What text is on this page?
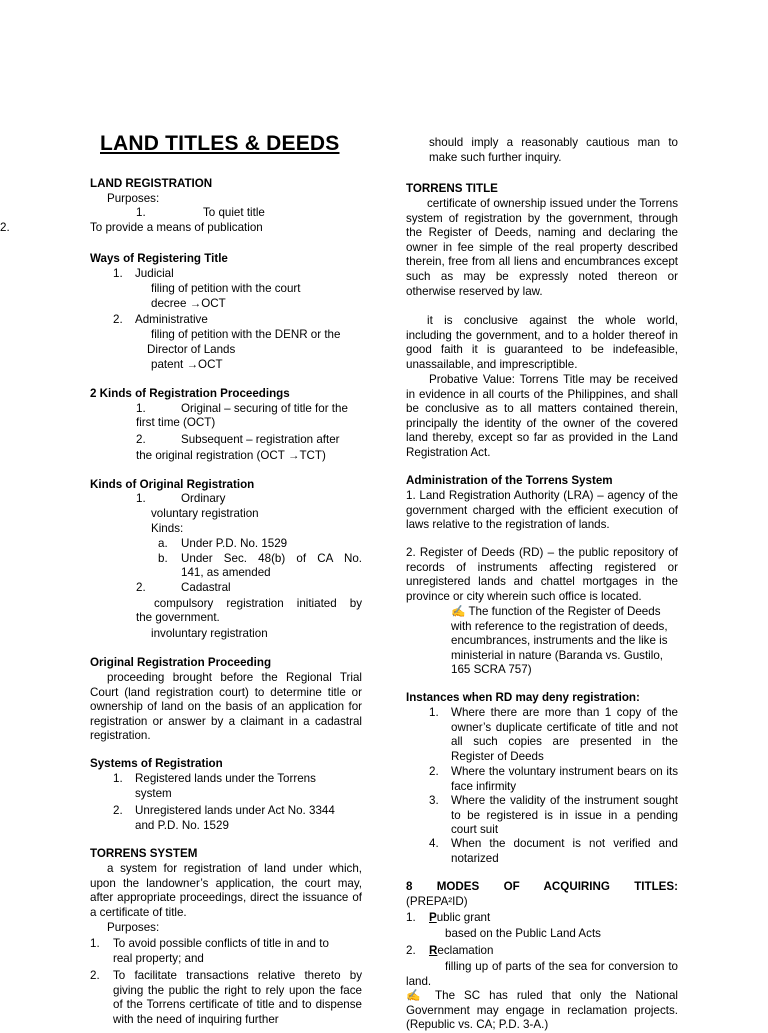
LAND TITLES & DEEDS
LAND REGISTRATION
Purposes:
1.	To quiet title
2.	To provide a means of publication
Ways of Registering Title
1. Judicial
filing of petition with the court
decree →OCT
2. Administrative
filing of petition with the DENR or the
Director of Lands
patent →OCT
2 Kinds of Registration Proceedings
1.	Original – securing of title for the
first time (OCT)
2.	Subsequent – registration after
the original registration (OCT →TCT)
Kinds of Original Registration
1.	Ordinary
voluntary registration
Kinds:
a. Under P.D. No. 1529
b. Under Sec. 48(b) of CA No.
141, as amended
2.	Cadastral
compulsory registration initiated by
the government.
involuntary registration
Original Registration Proceeding
proceeding brought before the Regional Trial Court (land registration court) to determine title or ownership of land on the basis of an application for registration or answer by a claimant in a cadastral registration.
Systems of Registration
1. Registered lands under the Torrens
system
2. Unregistered lands under Act No. 3344
and P.D. No. 1529
TORRENS SYSTEM
a system for registration of land under which, upon the landowner’s application, the court may, after appropriate proceedings, direct the issuance of a certificate of title.
Purposes:
1. To avoid possible conflicts of title in and to
real property; and
2. To facilitate transactions relative thereto by giving the public the right to rely upon the face of the Torrens certificate of title and to dispense with the need of inquiring further
should imply a reasonably cautious man to make such further inquiry.
TORRENS TITLE
certificate of ownership issued under the Torrens system of registration by the government, through the Register of Deeds, naming and declaring the owner in fee simple of the real property described therein, free from all liens and encumbrances except such as may be expressly noted thereon or otherwise reserved by law.
it is conclusive against the whole world, including the government, and to a holder thereof in good faith it is guaranteed to be indefeasible, unassailable, and imprescriptible.
Probative Value: Torrens Title may be received in evidence in all courts of the Philippines, and shall be conclusive as to all matters contained therein, principally the identity of the owner of the covered land thereby, except so far as provided in the Land Registration Act.
Administration of the Torrens System
1. Land Registration Authority (LRA) – agency of the government charged with the efficient execution of laws relative to the registration of lands.
2. Register of Deeds (RD) – the public repository of records of instruments affecting registered or unregistered lands and chattel mortgages in the province or city wherein such office is located.
✍ The function of the Register of Deeds with reference to the registration of deeds, encumbrances, instruments and the like is ministerial in nature (Baranda vs. Gustilo, 165 SCRA 757)
Instances when RD may deny registration:
1. Where there are more than 1 copy of the owner’s duplicate certificate of title and not all such copies are presented in the Register of Deeds
2. Where the voluntary instrument bears on its face infirmity
3. Where the validity of the instrument sought to be registered is in issue in a pending court suit
4. When the document is not verified and notarized
8 MODES OF ACQUIRING TITLES:
(PREPA²ID)
1. Public grant
based on the Public Land Acts
2. Reclamation
filling up of parts of the sea for conversion to land.
✍ The SC has ruled that only the National Government may engage in reclamation projects. (Republic vs. CA; P.D. 3-A.)
